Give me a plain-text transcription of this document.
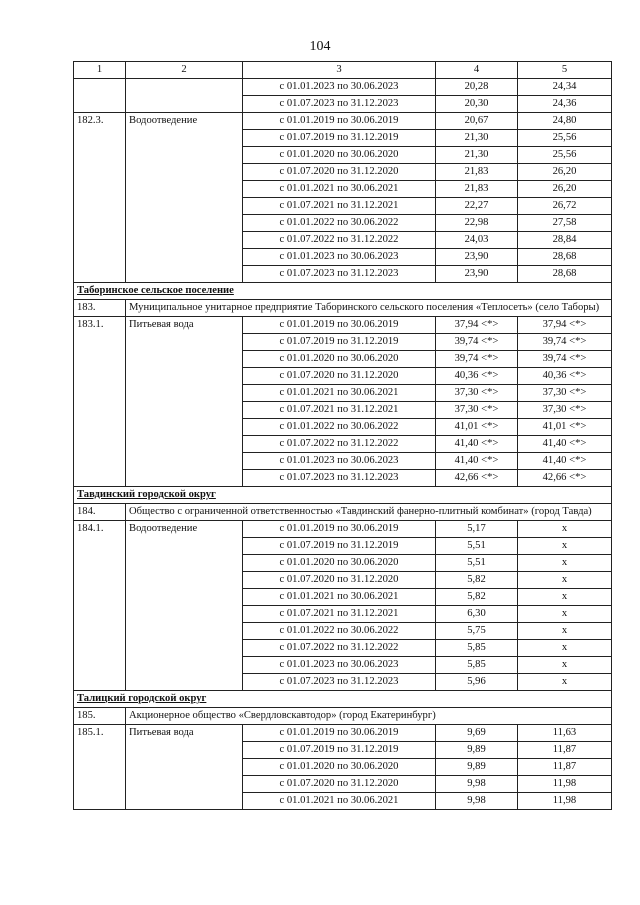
104
1	2	3	4	5
		с 01.01.2023 по 30.06.2023	20,28	24,34
		с 01.07.2023 по 31.12.2023	20,30	24,36
182.3.	Водоотведение	с 01.01.2019 по 30.06.2019	20,67	24,80
		с 01.07.2019 по 31.12.2019	21,30	25,56
		с 01.01.2020 по 30.06.2020	21,30	25,56
		с 01.07.2020 по 31.12.2020	21,83	26,20
		с 01.01.2021 по 30.06.2021	21,83	26,20
		с 01.07.2021 по 31.12.2021	22,27	26,72
		с 01.01.2022 по 30.06.2022	22,98	27,58
		с 01.07.2022 по 31.12.2022	24,03	28,84
		с 01.01.2023 по 30.06.2023	23,90	28,68
		с 01.07.2023 по 31.12.2023	23,90	28,68
Таборинское сельское поселение				
183.	Муниципальное унитарное предприятие Таборинского сельского поселения «Теплосеть» (село Таборы)			
183.1.	Питьевая вода	с 01.01.2019 по 30.06.2019	37,94 <*>	37,94 <*>
		с 01.07.2019 по 31.12.2019	39,74 <*>	39,74 <*>
		с 01.01.2020 по 30.06.2020	39,74 <*>	39,74 <*>
		с 01.07.2020 по 31.12.2020	40,36 <*>	40,36 <*>
		с 01.01.2021 по 30.06.2021	37,30 <*>	37,30 <*>
		с 01.07.2021 по 31.12.2021	37,30 <*>	37,30 <*>
		с 01.01.2022 по 30.06.2022	41,01 <*>	41,01 <*>
		с 01.07.2022 по 31.12.2022	41,40 <*>	41,40 <*>
		с 01.01.2023 по 30.06.2023	41,40 <*>	41,40 <*>
		с 01.07.2023 по 31.12.2023	42,66 <*>	42,66 <*>
Тавдинский городской округ				
184.	Общество с ограниченной ответственностью «Тавдинский фанерно-плитный комбинат» (город Тавда)			
184.1.	Водоотведение	с 01.01.2019 по 30.06.2019	5,17	x
		с 01.07.2019 по 31.12.2019	5,51	x
		с 01.01.2020 по 30.06.2020	5,51	x
		с 01.07.2020 по 31.12.2020	5,82	x
		с 01.01.2021 по 30.06.2021	5,82	x
		с 01.07.2021 по 31.12.2021	6,30	x
		с 01.01.2022 по 30.06.2022	5,75	x
		с 01.07.2022 по 31.12.2022	5,85	x
		с 01.01.2023 по 30.06.2023	5,85	x
		с 01.07.2023 по 31.12.2023	5,96	x
Талицкий городской округ				
185.	Акционерное общество «Свердловскавтодор» (город Екатеринбург)			
185.1.	Питьевая вода	с 01.01.2019 по 30.06.2019	9,69	11,63
		с 01.07.2019 по 31.12.2019	9,89	11,87
		с 01.01.2020 по 30.06.2020	9,89	11,87
		с 01.07.2020 по 31.12.2020	9,98	11,98
		с 01.01.2021 по 30.06.2021	9,98	11,98
